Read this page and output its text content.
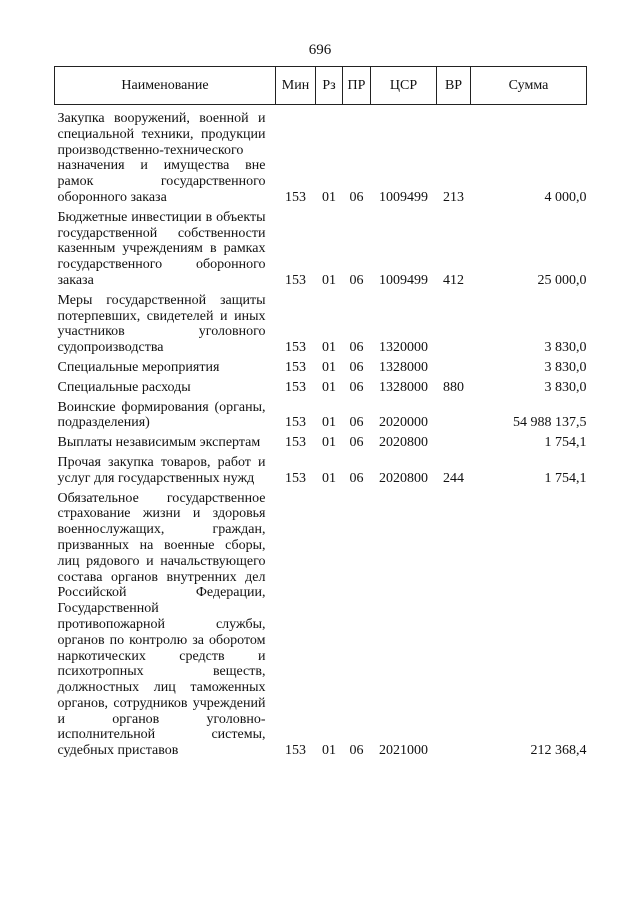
696
Наименование	Мин	Рз	ПР	ЦСР	ВР	Сумма
Закупка вооружений, военной и специальной техники, продукции производственно-технического назначения и имущества вне рамок государственного оборонного заказа	153	01	06	1009499	213	4 000,0
Бюджетные инвестиции в объекты государственной собственности казенным учреждениям в рамках государственного оборонного заказа	153	01	06	1009499	412	25 000,0
Меры государственной защиты потерпевших, свидетелей и иных участников уголовного судопроизводства	153	01	06	1320000		3 830,0
Специальные мероприятия	153	01	06	1328000		3 830,0
Специальные расходы	153	01	06	1328000	880	3 830,0
Воинские формирования (органы, подразделения)	153	01	06	2020000		54 988 137,5
Выплаты независимым экспертам	153	01	06	2020800		1 754,1
Прочая закупка товаров, работ и услуг для государственных нужд	153	01	06	2020800	244	1 754,1
Обязательное государственное страхование жизни и здоровья военнослужащих, граждан, призванных на военные сборы, лиц рядового и начальствующего состава органов внутренних дел Российской Федерации, Государственной противопожарной службы, органов по контролю за оборотом наркотических средств и психотропных веществ, должностных лиц таможенных органов, сотрудников учреждений и органов уголовно-исполнительной системы, судебных приставов	153	01	06	2021000		212 368,4
